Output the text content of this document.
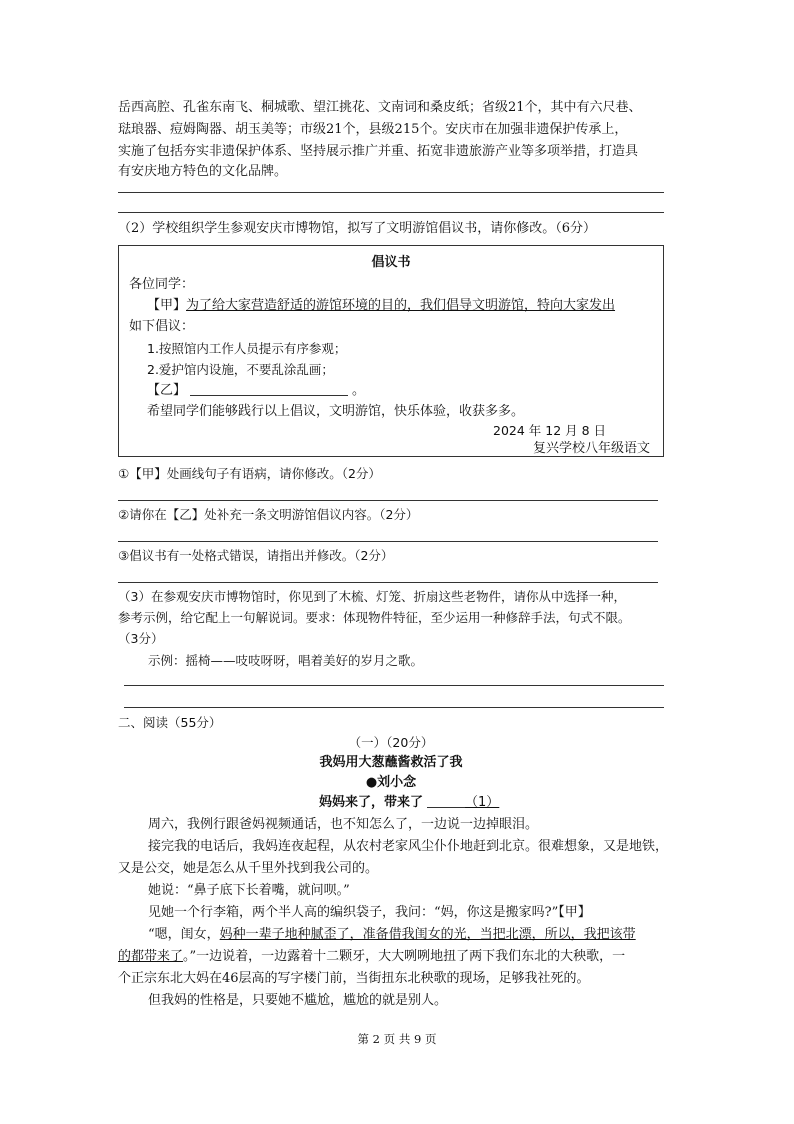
岳西高腔、孔雀东南飞、桐城歌、望江挑花、文南词和桑皮纸；省级21个，其中有六尺巷、
琺琅器、痘姆陶器、胡玉美等；市级21个，县级215个。安庆市在加强非遗保护传承上，
实施了包括夯实非遗保护体系、坚持展示推广并重、拓宽非遗旅游产业等多项举措，打造具
有安庆地方特色的文化品牌。
（2）学校组织学生参观安庆市博物馆，拟写了文明游馆倡议书，请你修改。（6分）
倡议书
各位同学：
【甲】为了给大家营造舒适的游馆环境的目的，我们倡导文明游馆，特向大家发出
如下倡议：
1.按照馆内工作人员提示有序参观；
2.爱护馆内设施，不要乱涂乱画；
【乙】	。
希望同学们能够践行以上倡议，文明游馆，快乐体验，收获多多。
2024 年 12 月 8 日
复兴学校八年级语文
①【甲】处画线句子有语病，请你修改。（2分）
②请你在【乙】处补充一条文明游馆倡议内容。（2分）
③倡议书有一处格式错误，请指出并修改。（2分）
（3）在参观安庆市博物馆时，你见到了木梳、灯笼、折扇这些老物件，请你从中选择一种，
参考示例，给它配上一句解说词。要求：体现物件特征，至少运用一种修辞手法，句式不限。
（3分）
示例：摇椅——吱吱呀呀，唱着美好的岁月之歌。
二、阅读（55分）
（一）（20分）
我妈用大葱蘸酱救活了我
●刘小念
妈妈来了，带来了	（1）
周六，我例行跟爸妈视频通话，也不知怎么了，一边说一边掉眼泪。
接完我的电话后，我妈连夜起程，从农村老家风尘仆仆地赶到北京。很难想象，又是地铁，
又是公交，她是怎么从千里外找到我公司的。
她说：“鼻子底下长着嘴，就问呗。”
见她一个行李箱，两个半人高的编织袋子，我问：“妈，你这是搬家吗?”【甲】
“嗯，闺女，妈种一辈子地种腻歪了，准备借我闺女的光，当把北漂，所以，我把该带
的都带来了。”一边说着，一边露着十二颗牙，大大咧咧地扭了两下我们东北的大秧歌，一
个正宗东北大妈在46层高的写字楼门前，当街扭东北秧歌的现场，足够我社死的。
但我妈的性格是，只要她不尴尬，尴尬的就是别人。
第 2 页 共 9 页
